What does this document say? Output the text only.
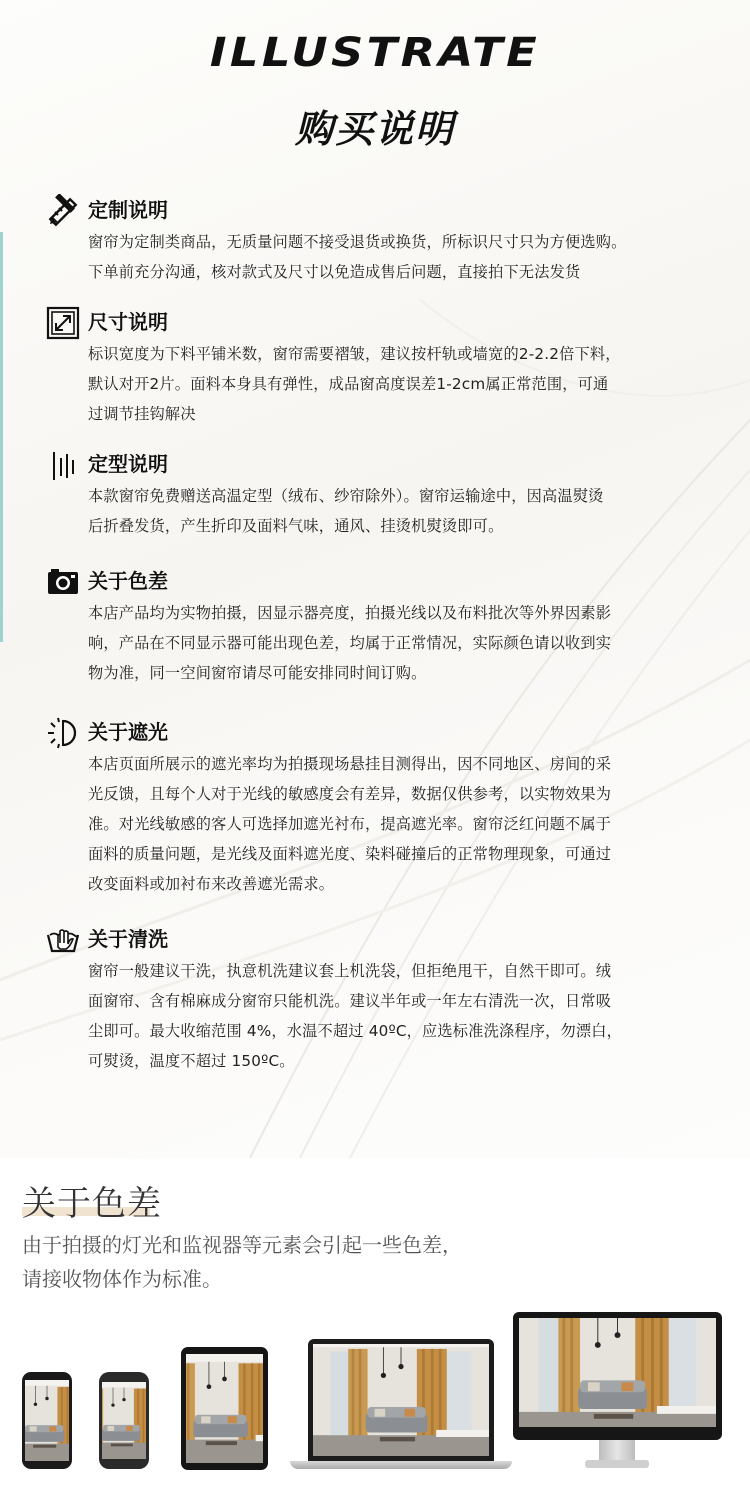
ILLUSTRATE
购买说明
定制说明
窗帘为定制类商品，无质量问题不接受退货或换货，所标识尺寸只为方便选购。
下单前充分沟通，核对款式及尺寸以免造成售后问题，直接拍下无法发货
尺寸说明
标识宽度为下料平铺米数，窗帘需要褶皱，建议按杆轨或墙宽的2-2.2倍下料，
默认对开2片。面料本身具有弹性，成品窗高度误差1-2cm属正常范围，可通
过调节挂钩解决
定型说明
本款窗帘免费赠送高温定型（绒布、纱帘除外）。窗帘运输途中，因高温熨烫
后折叠发货，产生折印及面料气味，通风、挂烫机熨烫即可。
关于色差
本店产品均为实物拍摄，因显示器亮度，拍摄光线以及布料批次等外界因素影
响，产品在不同显示器可能出现色差，均属于正常情况，实际颜色请以收到实
物为准，同一空间窗帘请尽可能安排同时间订购。
关于遮光
本店页面所展示的遮光率均为拍摄现场悬挂目测得出，因不同地区、房间的采
光反馈，且每个人对于光线的敏感度会有差异，数据仅供参考，以实物效果为
准。对光线敏感的客人可选择加遮光衬布，提高遮光率。窗帘泛红问题不属于
面料的质量问题，是光线及面料遮光度、染料碰撞后的正常物理现象，可通过
改变面料或加衬布来改善遮光需求。
关于清洗
窗帘一般建议干洗，执意机洗建议套上机洗袋，但拒绝甩干，自然干即可。绒
面窗帘、含有棉麻成分窗帘只能机洗。建议半年或一年左右清洗一次，日常吸
尘即可。最大收缩范围 4%，水温不超过 40ºC，应选标准洗涤程序，勿漂白，
可熨烫，温度不超过 150ºC。
关于色差
由于拍摄的灯光和监视器等元素会引起一些色差，
请接收物体作为标准。
